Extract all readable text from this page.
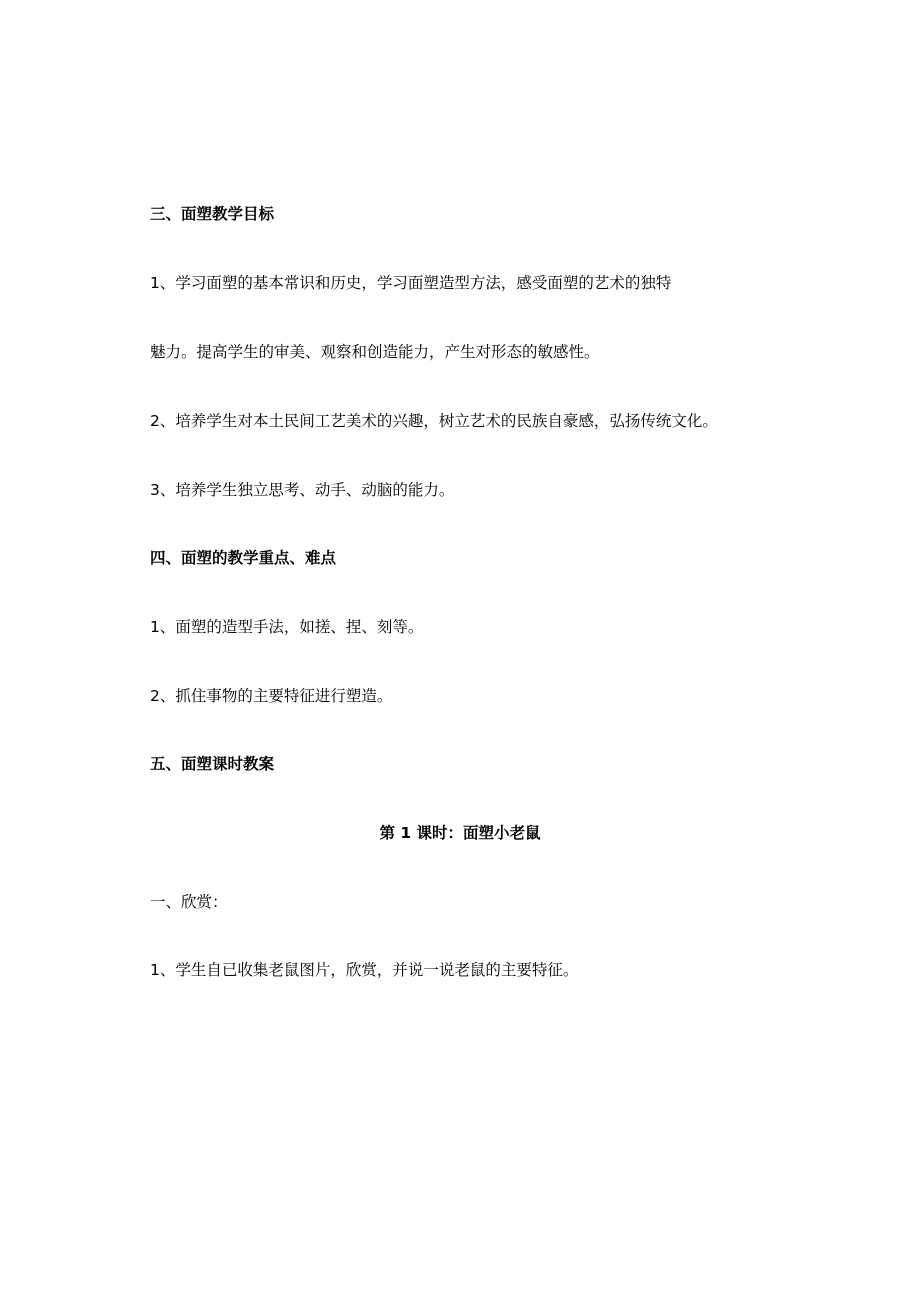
三、面塑教学目标
1、学习面塑的基本常识和历史，学习面塑造型方法，感受面塑的艺术的独特
魅力。提高学生的审美、观察和创造能力，产生对形态的敏感性。
2、培养学生对本土民间工艺美术的兴趣，树立艺术的民族自豪感，弘扬传统文化。
3、培养学生独立思考、动手、动脑的能力。
四、面塑的教学重点、难点
1、面塑的造型手法，如搓、捏、刻等。
2、抓住事物的主要特征进行塑造。
五、面塑课时教案
第 1 课时：面塑小老鼠
一、欣赏：
1、学生自已收集老鼠图片，欣赏，并说一说老鼠的主要特征。
